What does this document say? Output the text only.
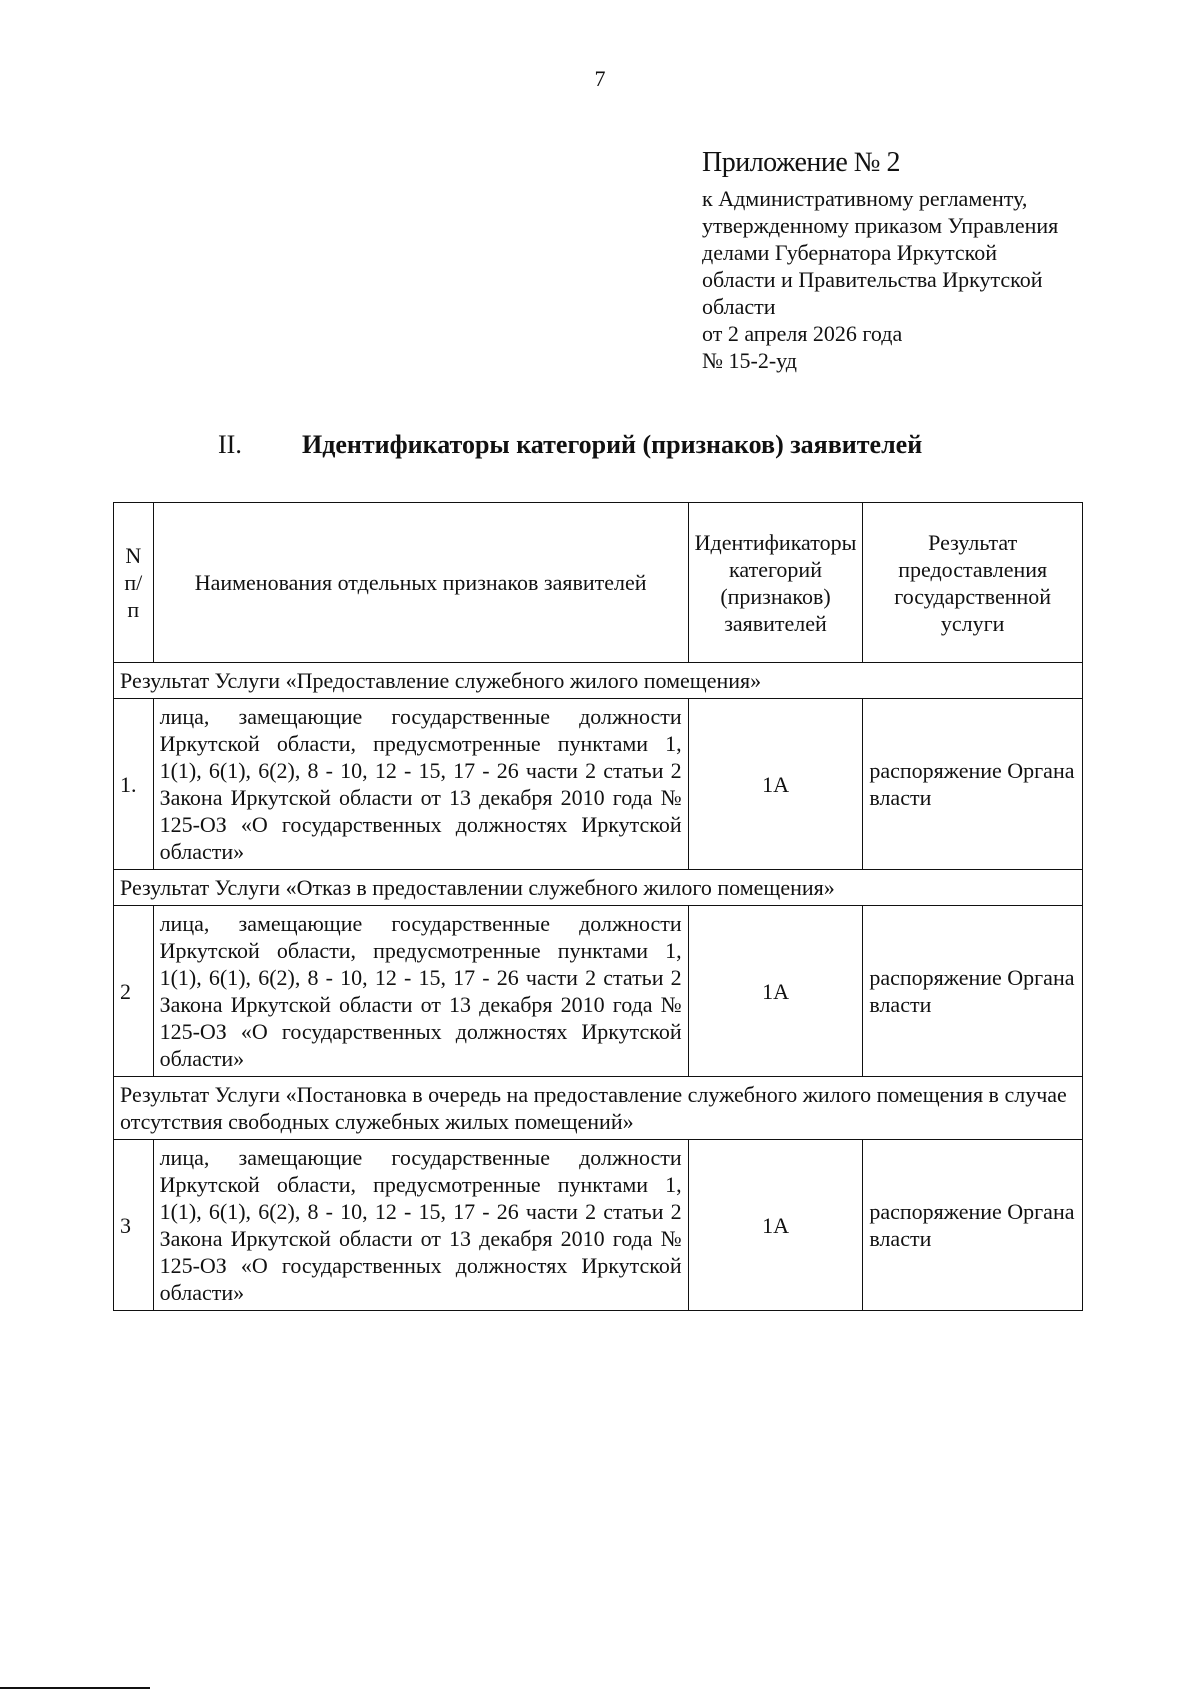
7
Приложение № 2
к Административному регламенту,
утвержденному приказом Управления
делами Губернатора Иркутской
области и Правительства Иркутской
области
от 2 апреля 2026 года
№ 15-2-уд
II. Идентификаторы категорий (признаков) заявителей
N п/п	Наименования отдельных признаков заявителей	Идентификаторы категорий (признаков) заявителей	Результат предоставления государственной услуги
Результат Услуги «Предоставление служебного жилого помещения»			
1.	лица, замещающие государственные должности Иркутской области, предусмотренные пунктами 1, 1(1), 6(1), 6(2), 8 - 10, 12 - 15, 17 - 26 части 2 статьи 2 Закона Иркутской области от 13 декабря 2010 года № 125-ОЗ «О государственных должностях Иркутской области»	1А	распоряжение Органа власти
Результат Услуги «Отказ в предоставлении служебного жилого помещения»			
2	лица, замещающие государственные должности Иркутской области, предусмотренные пунктами 1, 1(1), 6(1), 6(2), 8 - 10, 12 - 15, 17 - 26 части 2 статьи 2 Закона Иркутской области от 13 декабря 2010 года № 125-ОЗ «О государственных должностях Иркутской области»	1А	распоряжение Органа власти
Результат Услуги «Постановка в очередь на предоставление служебного жилого помещения в случае отсутствия свободных служебных жилых помещений»			
3	лица, замещающие государственные должности Иркутской области, предусмотренные пунктами 1, 1(1), 6(1), 6(2), 8 - 10, 12 - 15, 17 - 26 части 2 статьи 2 Закона Иркутской области от 13 декабря 2010 года № 125-ОЗ «О государственных должностях Иркутской области»	1А	распоряжение Органа власти
